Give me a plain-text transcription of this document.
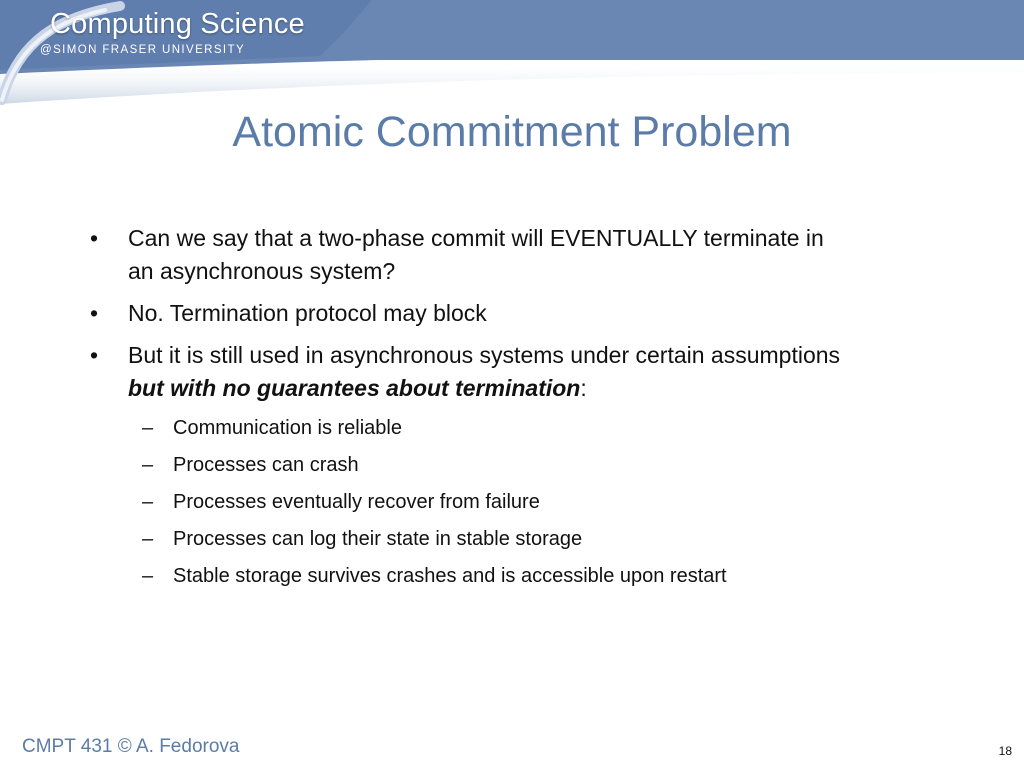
Computing Science
@SIMON FRASER UNIVERSITY
Atomic Commitment Problem
• Can we say that a two-phase commit will EVENTUALLY terminate in
an asynchronous system?
• No. Termination protocol may block
• But it is still used in asynchronous systems under certain assumptions
but with no guarantees about termination:
– Communication is reliable
– Processes can crash
– Processes eventually recover from failure
– Processes can log their state in stable storage
– Stable storage survives crashes and is accessible upon restart
CMPT 431 © A. Fedorova	18
